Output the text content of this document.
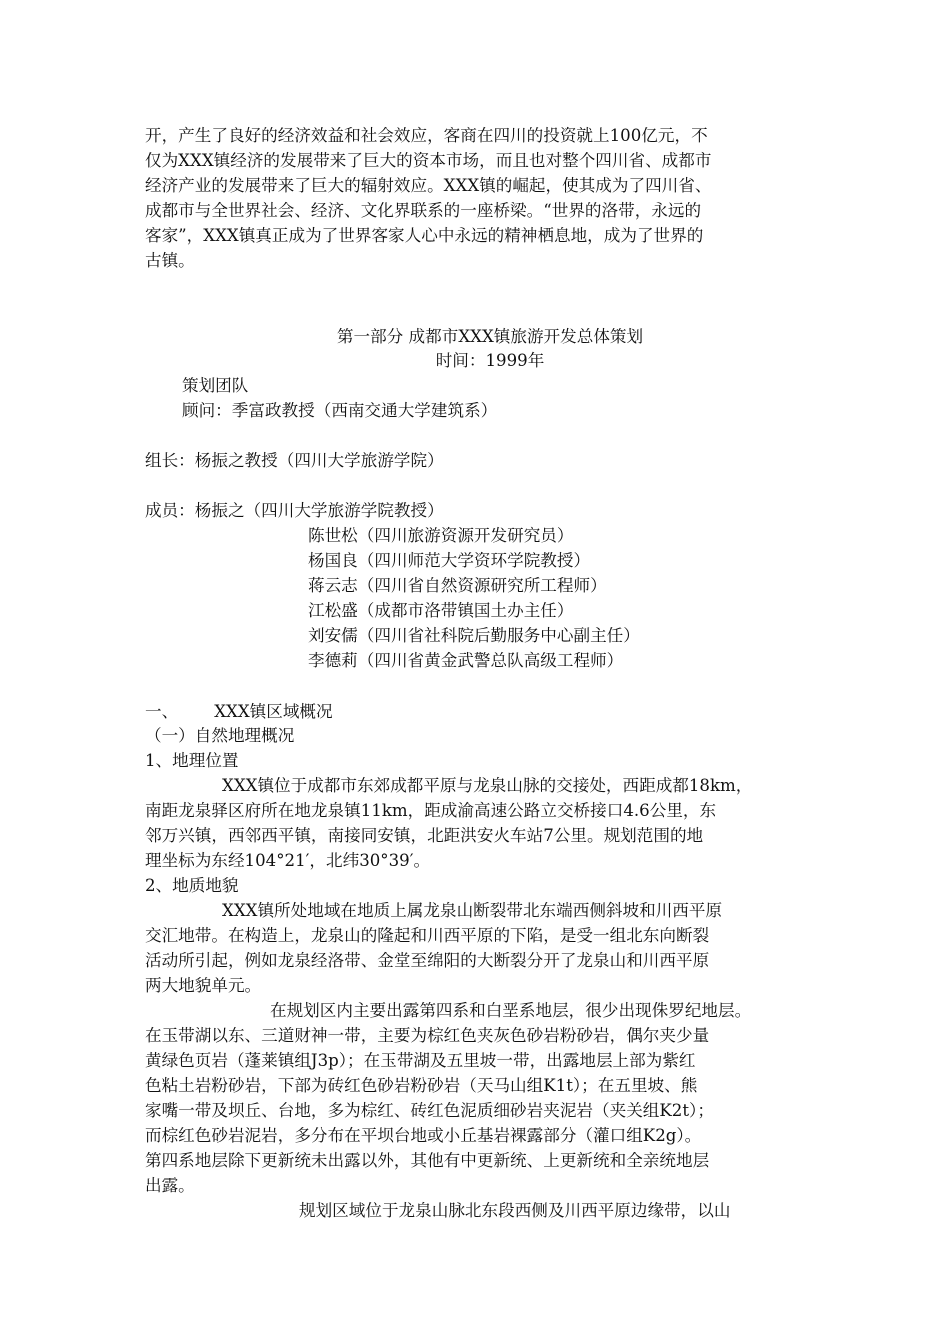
开，产生了良好的经济效益和社会效应，客商在四川的投资就上100亿元，不
仅为XXX镇经济的发展带来了巨大的资本市场，而且也对整个四川省、成都市
经济产业的发展带来了巨大的辐射效应。XXX镇的崛起，使其成为了四川省、
成都市与全世界社会、经济、文化界联系的一座桥梁。“世界的洛带，永远的
客家”，XXX镇真正成为了世界客家人心中永远的精神栖息地，成为了世界的
古镇。
第一部分 成都市XXX镇旅游开发总体策划
时间：1999年
策划团队
顾问：季富政教授（西南交通大学建筑系）
组长：杨振之教授（四川大学旅游学院）
成员：杨振之（四川大学旅游学院教授）
陈世松（四川旅游资源开发研究员）
杨国良（四川师范大学资环学院教授）
蒋云志（四川省自然资源研究所工程师）
江松盛（成都市洛带镇国土办主任）
刘安儒（四川省社科院后勤服务中心副主任）
李德莉（四川省黄金武警总队高级工程师）
一、 XXX镇区域概况
（一）自然地理概况
1、地理位置
XXX镇位于成都市东郊成都平原与龙泉山脉的交接处，西距成都18km，
南距龙泉驿区府所在地龙泉镇11km，距成渝高速公路立交桥接口4.6公里，东
邻万兴镇，西邻西平镇，南接同安镇，北距洪安火车站7公里。规划范围的地
理坐标为东经104°21′，北纬30°39′。
2、地质地貌
XXX镇所处地域在地质上属龙泉山断裂带北东端西侧斜坡和川西平原
交汇地带。在构造上，龙泉山的隆起和川西平原的下陷，是受一组北东向断裂
活动所引起，例如龙泉经洛带、金堂至绵阳的大断裂分开了龙泉山和川西平原
两大地貌单元。
在规划区内主要出露第四系和白垩系地层，很少出现侏罗纪地层。
在玉带湖以东、三道财神一带，主要为棕红色夹灰色砂岩粉砂岩，偶尔夹少量
黄绿色页岩（蓬莱镇组J3p）；在玉带湖及五里坡一带，出露地层上部为紫红
色粘土岩粉砂岩，下部为砖红色砂岩粉砂岩（天马山组K1t）；在五里坡、熊
家嘴一带及坝丘、台地，多为棕红、砖红色泥质细砂岩夹泥岩（夹关组K2t）；
而棕红色砂岩泥岩，多分布在平坝台地或小丘基岩裸露部分（灌口组K2g）。
第四系地层除下更新统未出露以外，其他有中更新统、上更新统和全亲统地层
出露。
规划区域位于龙泉山脉北东段西侧及川西平原边缘带，以山
